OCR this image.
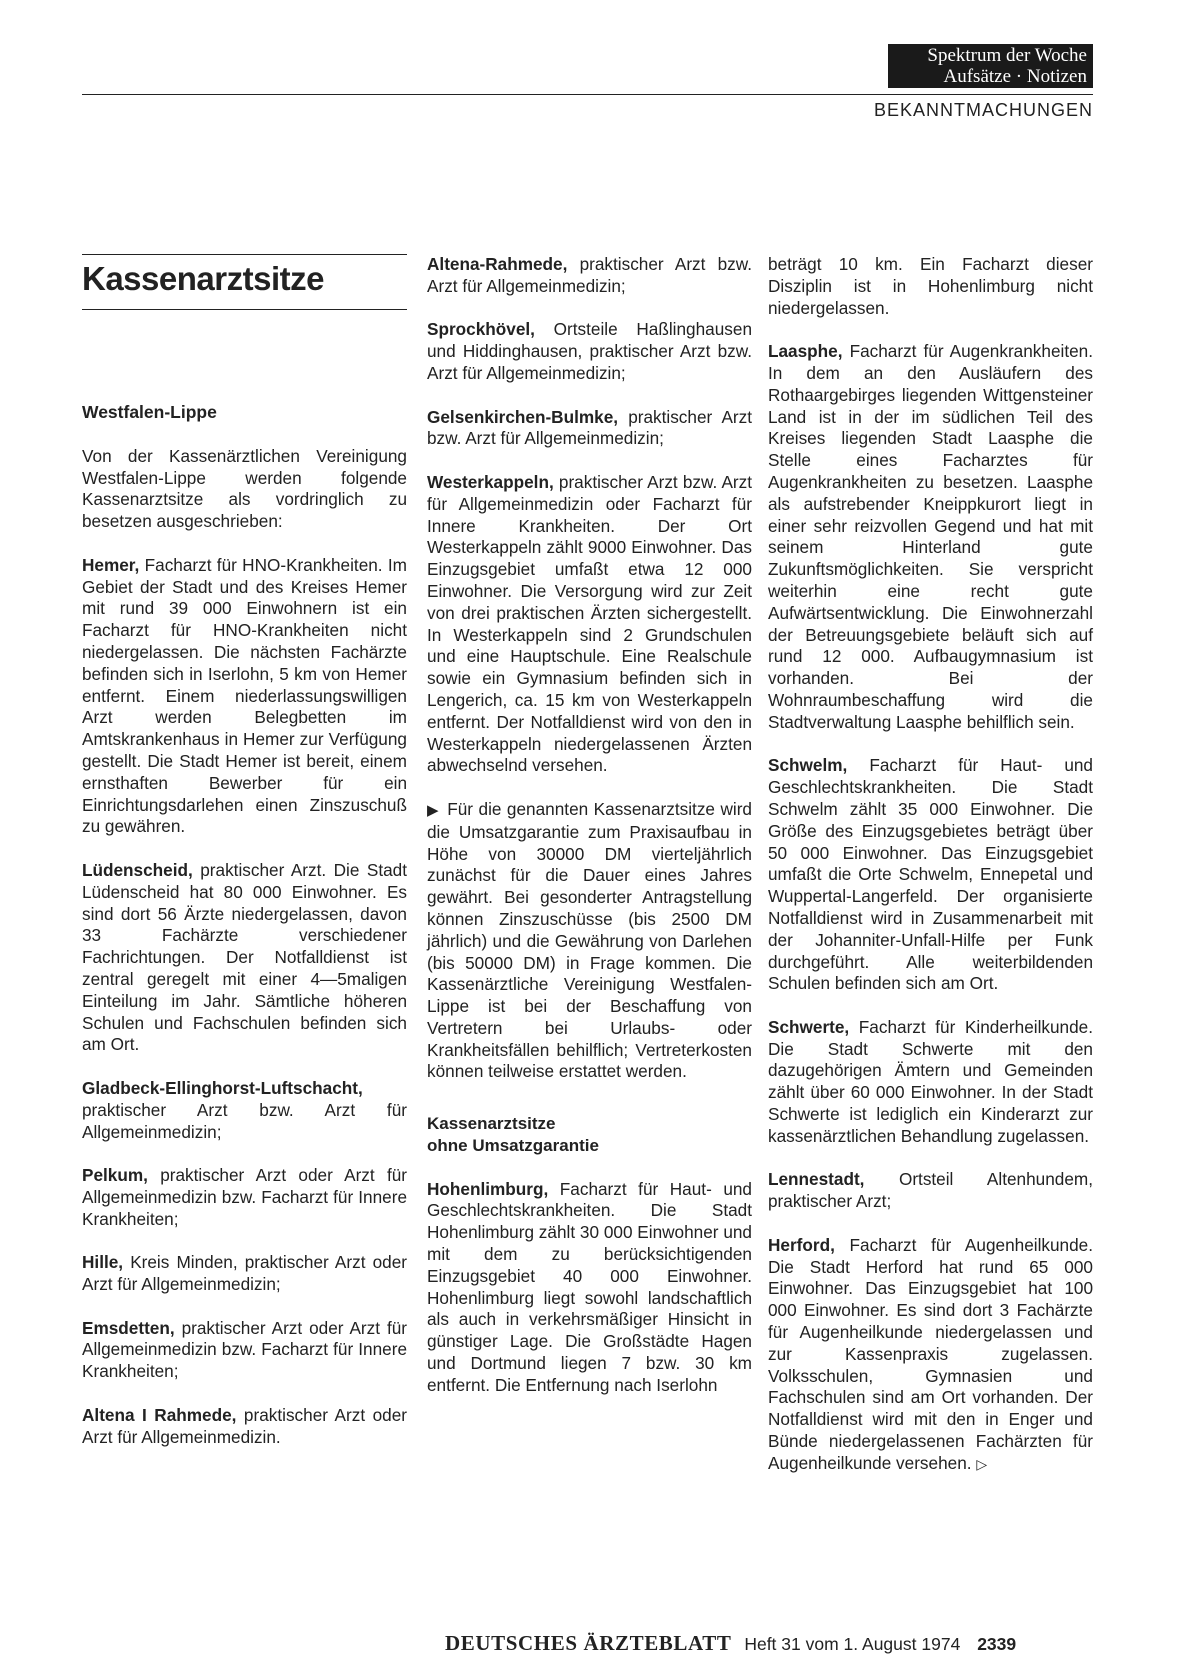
Spektrum der Woche
Aufsätze · Notizen
BEKANNTMACHUNGEN
Kassenarztsitze

Westfalen-Lippe

Von der Kassenärztlichen Vereinigung Westfalen-Lippe werden folgende Kassenarztsitze als vordringlich zu besetzen ausgeschrieben:

Hemer, Facharzt für HNO-Krankheiten. Im Gebiet der Stadt und des Kreises Hemer mit rund 39 000 Einwohnern ist ein Facharzt für HNO-Krankheiten nicht niedergelassen. Die nächsten Fachärzte befinden sich in Iserlohn, 5 km von Hemer entfernt. Einem niederlassungswilligen Arzt werden Belegbetten im Amtskrankenhaus in Hemer zur Verfügung gestellt. Die Stadt Hemer ist bereit, einem ernsthaften Bewerber für ein Einrichtungsdarlehen einen Zinszuschuß zu gewähren.

Lüdenscheid, praktischer Arzt. Die Stadt Lüdenscheid hat 80 000 Einwohner. Es sind dort 56 Ärzte niedergelassen, davon 33 Fachärzte verschiedener Fachrichtungen. Der Notfalldienst ist zentral geregelt mit einer 4—5maligen Einteilung im Jahr. Sämtliche höheren Schulen und Fachschulen befinden sich am Ort.

Gladbeck-Ellinghorst-Luftschacht, praktischer Arzt bzw. Arzt für Allgemeinmedizin;

Pelkum, praktischer Arzt oder Arzt für Allgemeinmedizin bzw. Facharzt für Innere Krankheiten;

Hille, Kreis Minden, praktischer Arzt oder Arzt für Allgemeinmedizin;

Emsdetten, praktischer Arzt oder Arzt für Allgemeinmedizin bzw. Facharzt für Innere Krankheiten;

Altena I Rahmede, praktischer Arzt oder Arzt für Allgemeinmedizin.

Altena-Rahmede, praktischer Arzt bzw. Arzt für Allgemeinmedizin;

Sprockhövel, Ortsteile Haßlinghausen und Hiddinghausen, praktischer Arzt bzw. Arzt für Allgemeinmedizin;

Gelsenkirchen-Bulmke, praktischer Arzt bzw. Arzt für Allgemeinmedizin;

Westerkappeln, praktischer Arzt bzw. Arzt für Allgemeinmedizin oder Facharzt für Innere Krankheiten. Der Ort Westerkappeln zählt 9000 Einwohner. Das Einzugsgebiet umfaßt etwa 12 000 Einwohner. Die Versorgung wird zur Zeit von drei praktischen Ärzten sichergestellt. In Westerkappeln sind 2 Grundschulen und eine Hauptschule. Eine Realschule sowie ein Gymnasium befinden sich in Lengerich, ca. 15 km von Westerkappeln entfernt. Der Notfalldienst wird von den in Westerkappeln niedergelassenen Ärzten abwechselnd versehen.

▶ Für die genannten Kassenarztsitze wird die Umsatzgarantie zum Praxisaufbau in Höhe von 30000 DM vierteljährlich zunächst für die Dauer eines Jahres gewährt. Bei gesonderter Antragstellung können Zinszuschüsse (bis 2500 DM jährlich) und die Gewährung von Darlehen (bis 50000 DM) in Frage kommen. Die Kassenärztliche Vereinigung Westfalen-Lippe ist bei der Beschaffung von Vertretern bei Urlaubs- oder Krankheitsfällen behilflich; Vertreterkosten können teilweise erstattet werden.

Kassenarztsitze
ohne Umsatzgarantie

Hohenlimburg, Facharzt für Haut- und Geschlechtskrankheiten. Die Stadt Hohenlimburg zählt 30 000 Einwohner und mit dem zu berücksichtigenden Einzugsgebiet 40 000 Einwohner. Hohenlimburg liegt sowohl landschaftlich als auch in verkehrsmäßiger Hinsicht in günstiger Lage. Die Großstädte Hagen und Dortmund liegen 7 bzw. 30 km entfernt. Die Entfernung nach Iserlohn

beträgt 10 km. Ein Facharzt dieser Disziplin ist in Hohenlimburg nicht niedergelassen.

Laasphe, Facharzt für Augenkrankheiten. In dem an den Ausläufern des Rothaargebirges liegenden Wittgensteiner Land ist in der im südlichen Teil des Kreises liegenden Stadt Laasphe die Stelle eines Facharztes für Augenkrankheiten zu besetzen. Laasphe als aufstrebender Kneippkurort liegt in einer sehr reizvollen Gegend und hat mit seinem Hinterland gute Zukunftsmöglichkeiten. Sie verspricht weiterhin eine recht gute Aufwärtsentwicklung. Die Einwohnerzahl der Betreuungsgebiete beläuft sich auf rund 12 000. Aufbaugymnasium ist vorhanden. Bei der Wohnraumbeschaffung wird die Stadtverwaltung Laasphe behilflich sein.

Schwelm, Facharzt für Haut- und Geschlechtskrankheiten. Die Stadt Schwelm zählt 35 000 Einwohner. Die Größe des Einzugsgebietes beträgt über 50 000 Einwohner. Das Einzugsgebiet umfaßt die Orte Schwelm, Ennepetal und Wuppertal-Langerfeld. Der organisierte Notfalldienst wird in Zusammenarbeit mit der Johanniter-Unfall-Hilfe per Funk durchgeführt. Alle weiterbildenden Schulen befinden sich am Ort.

Schwerte, Facharzt für Kinderheilkunde. Die Stadt Schwerte mit den dazugehörigen Ämtern und Gemeinden zählt über 60 000 Einwohner. In der Stadt Schwerte ist lediglich ein Kinderarzt zur kassenärztlichen Behandlung zugelassen.

Lennestadt, Ortsteil Altenhundem, praktischer Arzt;

Herford, Facharzt für Augenheilkunde. Die Stadt Herford hat rund 65 000 Einwohner. Das Einzugsgebiet hat 100 000 Einwohner. Es sind dort 3 Fachärzte für Augenheilkunde niedergelassen und zur Kassenpraxis zugelassen. Volksschulen, Gymnasien und Fachschulen sind am Ort vorhanden. Der Notfalldienst wird mit den in Enger und Bünde niedergelassenen Fachärzten für Augenheilkunde versehen. ▷

DEUTSCHES ÄRZTEBLATT Heft 31 vom 1. August 1974 2339
